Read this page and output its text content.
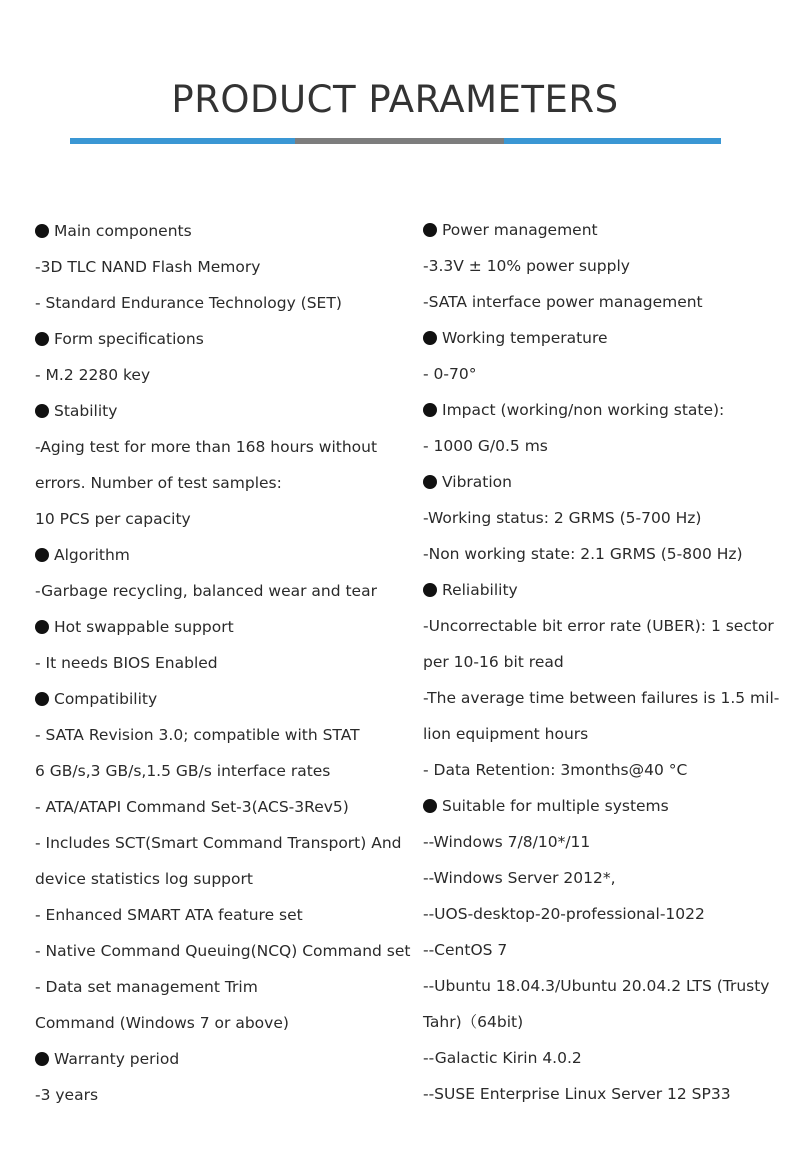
PRODUCT PARAMETERS
Main components
-3D TLC NAND Flash Memory
- Standard Endurance Technology (SET)
Form specifications
- M.2 2280 key
Stability
-Aging test for more than 168 hours without
errors. Number of test samples:
10 PCS per capacity
Algorithm
-Garbage recycling, balanced wear and tear
Hot swappable support
- It needs BIOS Enabled
Compatibility
- SATA Revision 3.0; compatible with STAT
6 GB/s,3 GB/s,1.5 GB/s interface rates
- ATA/ATAPI Command Set-3(ACS-3Rev5)
- Includes SCT(Smart Command Transport) And
device statistics log support
- Enhanced SMART ATA feature set
- Native Command Queuing(NCQ) Command set
- Data set management Trim
Command (Windows 7 or above)
Warranty period
-3 years
Power management
-3.3V ± 10% power supply
-SATA interface power management
Working temperature
- 0-70°
Impact (working/non working state):
- 1000 G/0.5 ms
Vibration
-Working status: 2 GRMS (5-700 Hz)
-Non working state: 2.1 GRMS (5-800 Hz)
Reliability
-Uncorrectable bit error rate (UBER): 1 sector
per 10-16 bit read
-The average time between failures is 1.5 mil-
lion equipment hours
- Data Retention: 3months@40 °C
Suitable for multiple systems
--Windows 7/8/10*/11
--Windows Server 2012*,
--UOS-desktop-20-professional-1022
--CentOS 7
--Ubuntu 18.04.3/Ubuntu 20.04.2 LTS (Trusty
Tahr)（64bit)
--Galactic Kirin 4.0.2
--SUSE Enterprise Linux Server 12 SP33
